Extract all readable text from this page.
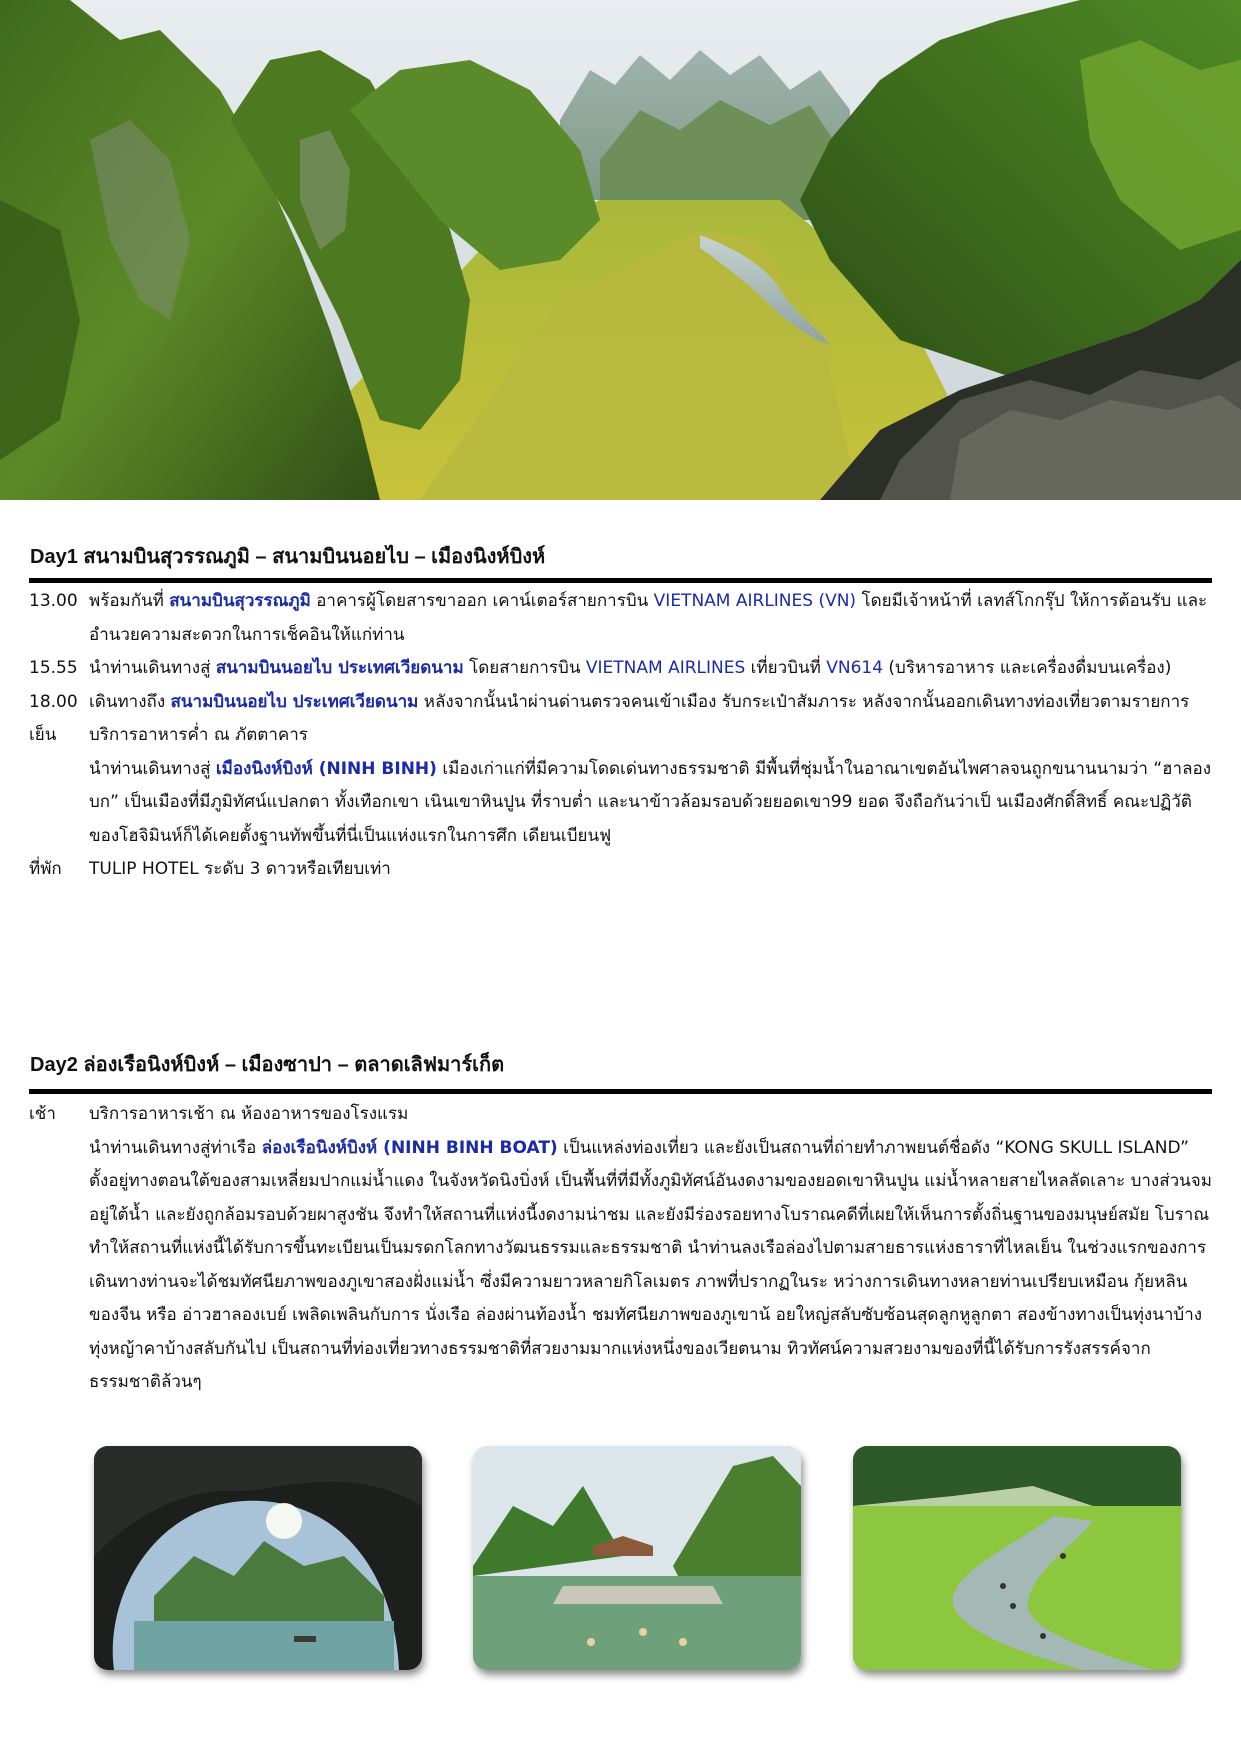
Day1 สนามบินสุวรรณภูมิ – สนามบินนอยไบ – เมืองนิงห์บิงห์
13.00 พร้อมกันที่ สนามบินสุวรรณภูมิ อาคารผู้โดยสารขาออก เคาน์เตอร์สายการบิน VIETNAM AIRLINES (VN) โดยมีเจ้าหน้าที่ เลทส์โกกรุ๊ป ให้การต้อนรับ และ อำนวยความสะดวกในการเช็คอินให้แก่ท่าน
15.55 นำท่านเดินทางสู่ สนามบินนอยไบ ประเทศเวียดนาม โดยสายการบิน VIETNAM AIRLINES เที่ยวบินที่ VN614 (บริหารอาหาร และเครื่องดื่มบนเครื่อง)
18.00 เดินทางถึง สนามบินนอยไบ ประเทศเวียดนาม หลังจากนั้นนำผ่านด่านตรวจคนเข้าเมือง รับกระเป๋าสัมภาระ หลังจากนั้นออกเดินทางท่องเที่ยวตามรายการ
เย็น	บริการอาหารค่ำ ณ ภัตตาคาร
นำท่านเดินทางสู่ เมืองนิงห์บิงห์ (NINH BINH) เมืองเก่าแก่ที่มีความโดดเด่นทางธรรมชาติ มีพื้นที่ชุ่มน้ำในอาณาเขตอันไพศาลจนถูกขนานนามว่า “ฮาลองบก” เป็นเมืองที่มีภูมิทัศน์แปลกตา ทั้งเทือกเขา เนินเขาหินปูน ที่ราบต่ำ และนาข้าวล้อมรอบด้วยยอดเขา99 ยอด จึงถือกันว่าเป็ นเมืองศักดิ์สิทธิ์ คณะปฏิวัติของโฮจิมินห์ก็ได้เคยตั้งฐานทัพขึ้นที่นี่เป็นแห่งแรกในการศึก เดียนเบียนฟู
ที่พัก	TULIP HOTEL ระดับ 3 ดาวหรือเทียบเท่า
Day2 ล่องเรือนิงห์บิงห์ – เมืองซาปา – ตลาดเลิฟมาร์เก็ต
เช้า	บริการอาหารเช้า ณ ห้องอาหารของโรงแรม
นำท่านเดินทางสู่ท่าเรือ ล่องเรือนิงห์บิงห์ (NINH BINH BOAT) เป็นแหล่งท่องเที่ยว และยังเป็นสถานที่ถ่ายทำภาพยนต์ชื่อดัง “KONG SKULL ISLAND” ตั้งอยู่ทางตอนใต้ของสามเหลี่ยมปากแม่น้ำแดง ในจังหวัดนิงบิ่งห์ เป็นพื้นที่ที่มีทั้งภูมิทัศน์อันงดงามของยอดเขาหินปูน แม่น้ำหลายสายไหลลัดเลาะ บางส่วนจมอยู่ใต้น้ำ และยังถูกล้อมรอบด้วยผาสูงชัน จึงทำให้สถานที่แห่งนี้งดงามน่าชม และยังมีร่องรอยทางโบราณคดีที่เผยให้เห็นการตั้งถิ่นฐานของมนุษย์สมัย โบราณ ทำให้สถานที่แห่งนี้ได้รับการขึ้นทะเบียนเป็นมรดกโลกทางวัฒนธรรมและธรรมชาติ นำท่านลงเรือล่องไปตามสายธารแห่งธาราที่ไหลเย็น ในช่วงแรกของการเดินทางท่านจะได้ชมทัศนียภาพของภูเขาสองฝั่งแม่น้ำ ซึ่งมีความยาวหลายกิโลเมตร ภาพที่ปรากฏในระ หว่างการเดินทางหลายท่านเปรียบเหมือน กุ้ยหลินของจีน หรือ อ่าวฮาลองเบย์ เพลิดเพลินกับการ นั่งเรือ ล่องผ่านท้องน้ำ ชมทัศนียภาพของภูเขาน้ อยใหญ่สลับซับซ้อนสุดลูกหูลูกตา สองข้างทางเป็นทุ่งนาบ้างทุ่งหญ้าคาบ้างสลับกันไป เป็นสถานที่ท่องเที่ยวทางธรรมชาติที่สวยงามมากแห่งหนึ่งของเวียตนาม ทิวทัศน์ความสวยงามของที่นี้ได้รับการรังสรรค์จากธรรมชาติล้วนๆ
